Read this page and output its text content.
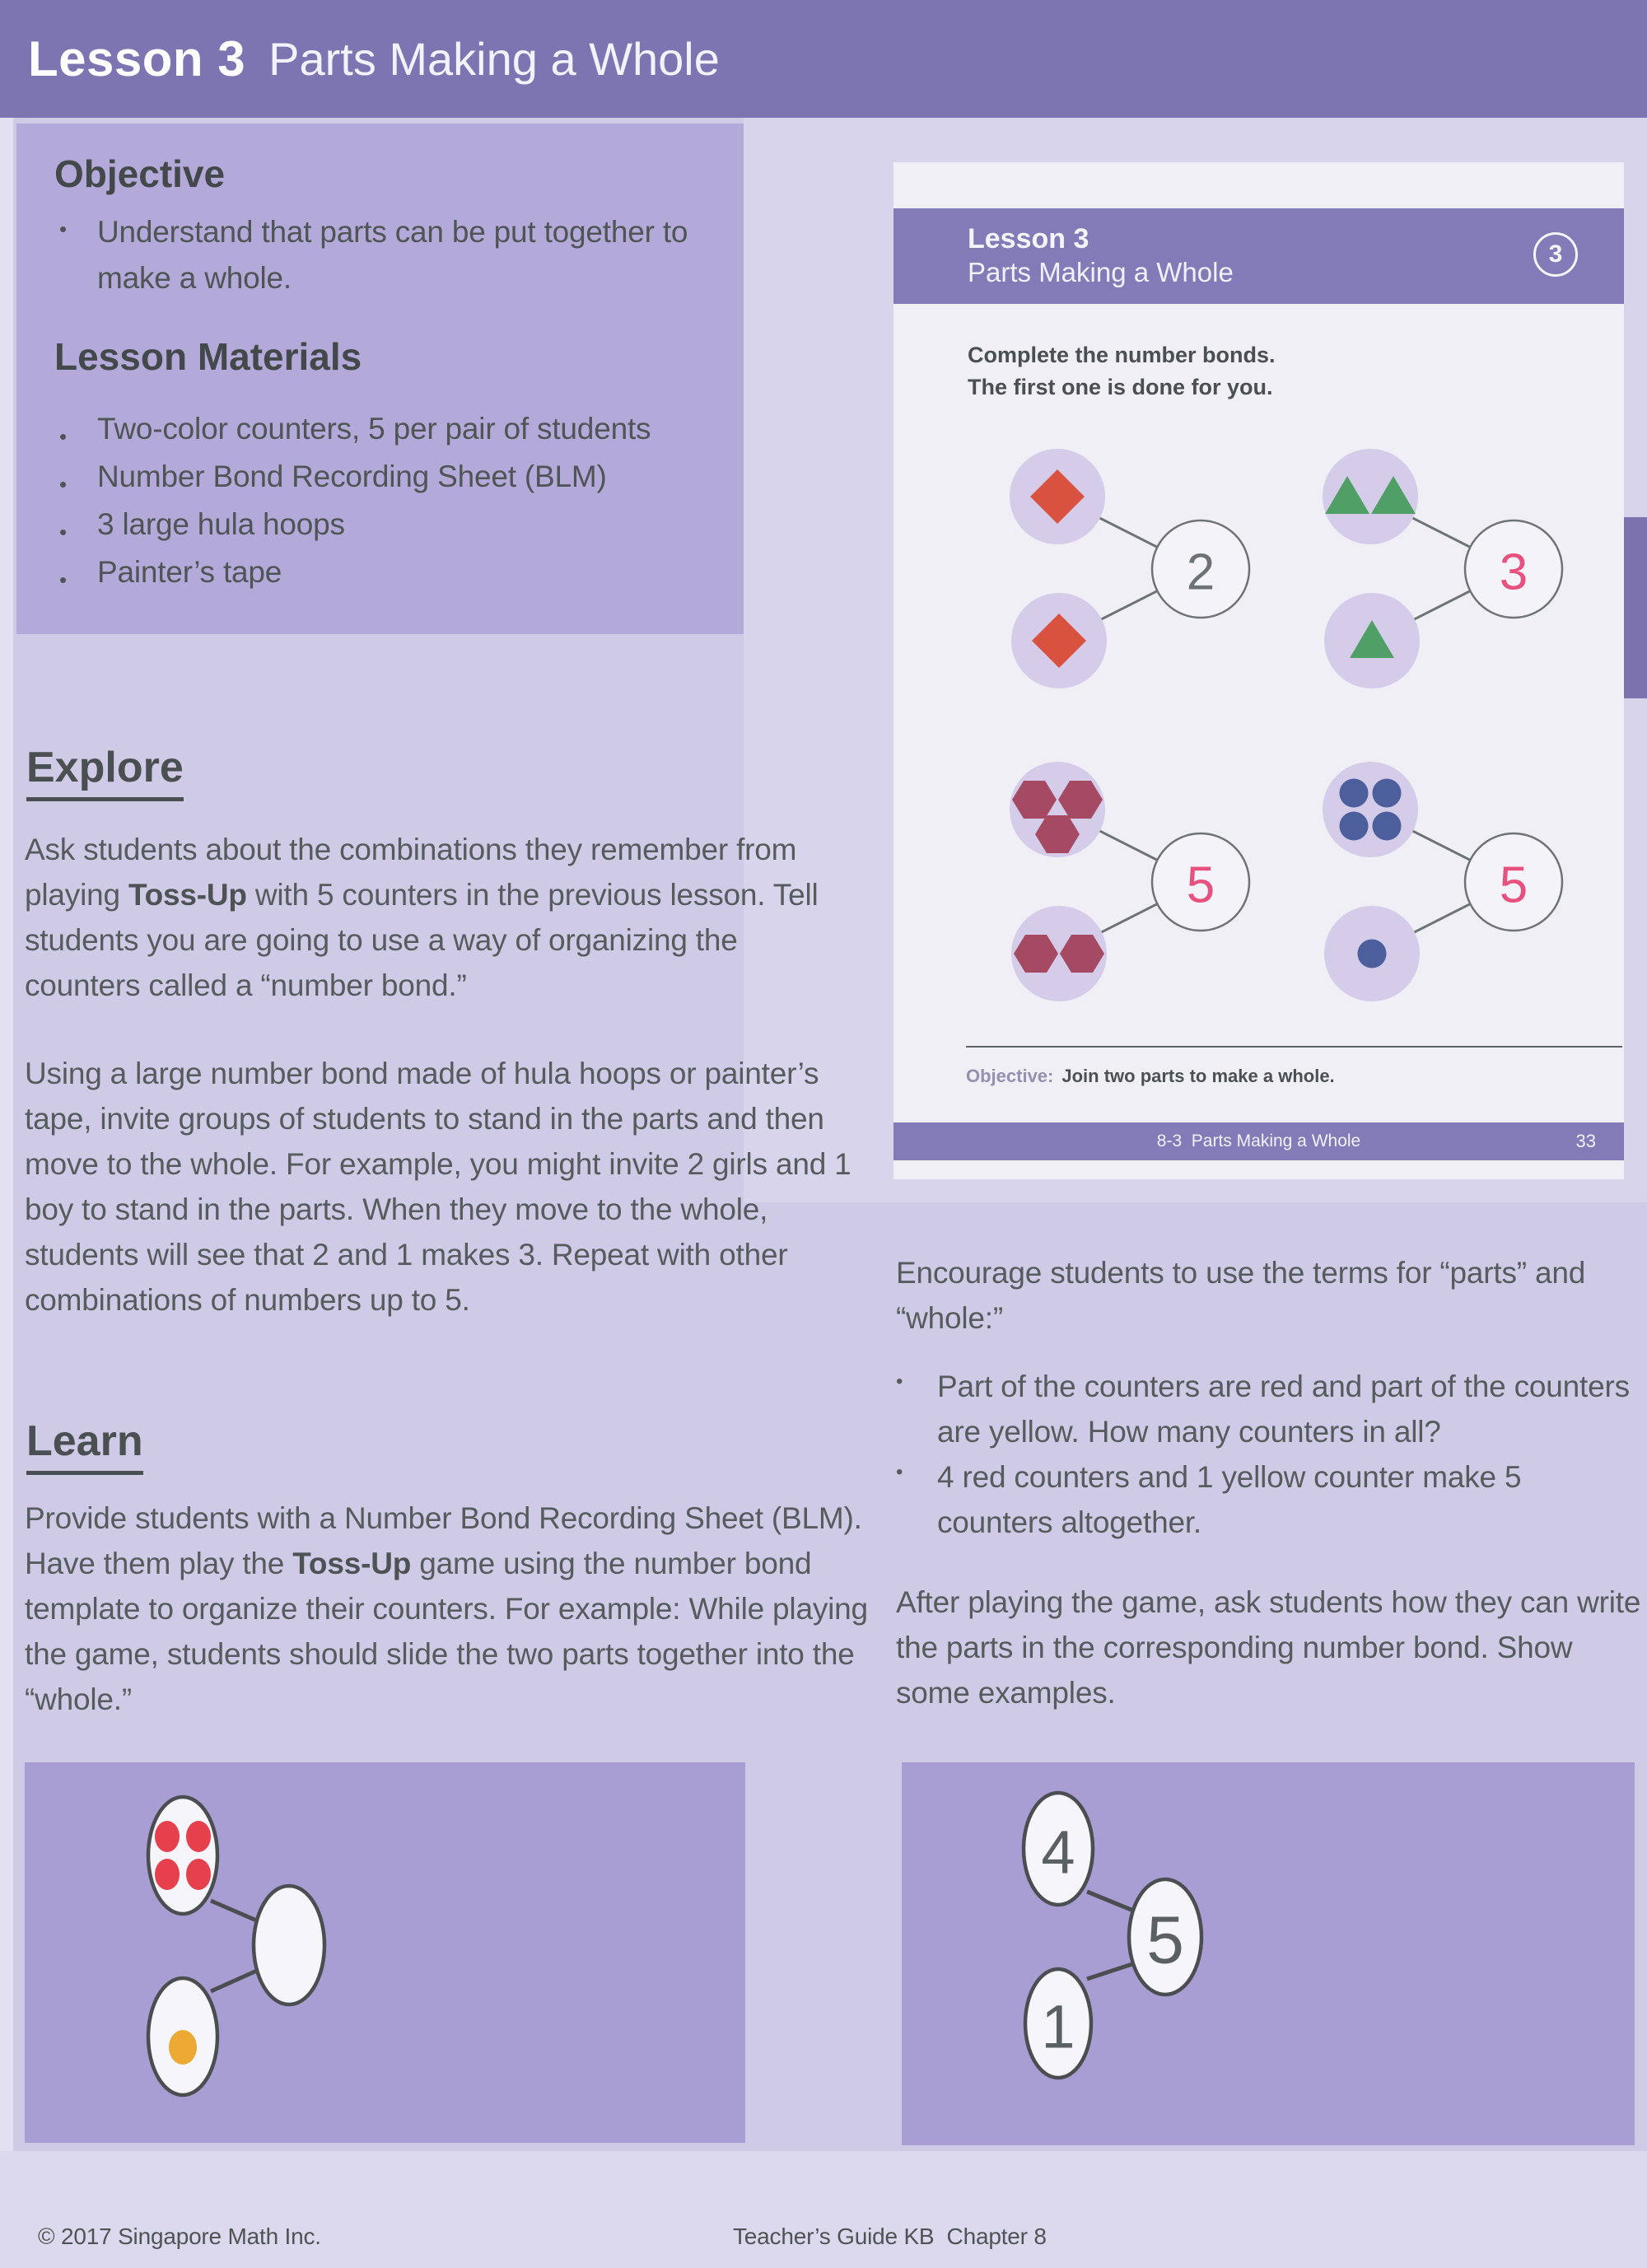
Lesson 3 Parts Making a Whole
Objective
• Understand that parts can be put together to make a whole.
Lesson Materials
• Two-color counters, 5 per pair of students
• Number Bond Recording Sheet (BLM)
• 3 large hula hoops
• Painter’s tape
Explore
Ask students about the combinations they remember from playing Toss-Up with 5 counters in the previous lesson. Tell students you are going to use a way of organizing the counters called a “number bond.”
Using a large number bond made of hula hoops or painter’s tape, invite groups of students to stand in the parts and then move to the whole. For example, you might invite 2 girls and 1 boy to stand in the parts. When they move to the whole, students will see that 2 and 1 makes 3. Repeat with other combinations of numbers up to 5.
Learn
Provide students with a Number Bond Recording Sheet (BLM). Have them play the Toss-Up game using the number bond template to organize their counters. For example: While playing the game, students should slide the two parts together into the “whole.”
Lesson 3
Parts Making a Whole
3
Complete the number bonds.
The first one is done for you.
2	3
5	5
Objective: Join two parts to make a whole.
8-3  Parts Making a Whole	33
Encourage students to use the terms for “parts” and “whole:”
•	Part of the counters are red and part of the counters are yellow. How many counters in all?
•	4 red counters and 1 yellow counter make 5 counters altogether.
After playing the game, ask students how they can write the parts in the corresponding number bond. Show some examples.
4
1
5
© 2017 Singapore Math Inc.	Teacher’s Guide KB  Chapter 8
